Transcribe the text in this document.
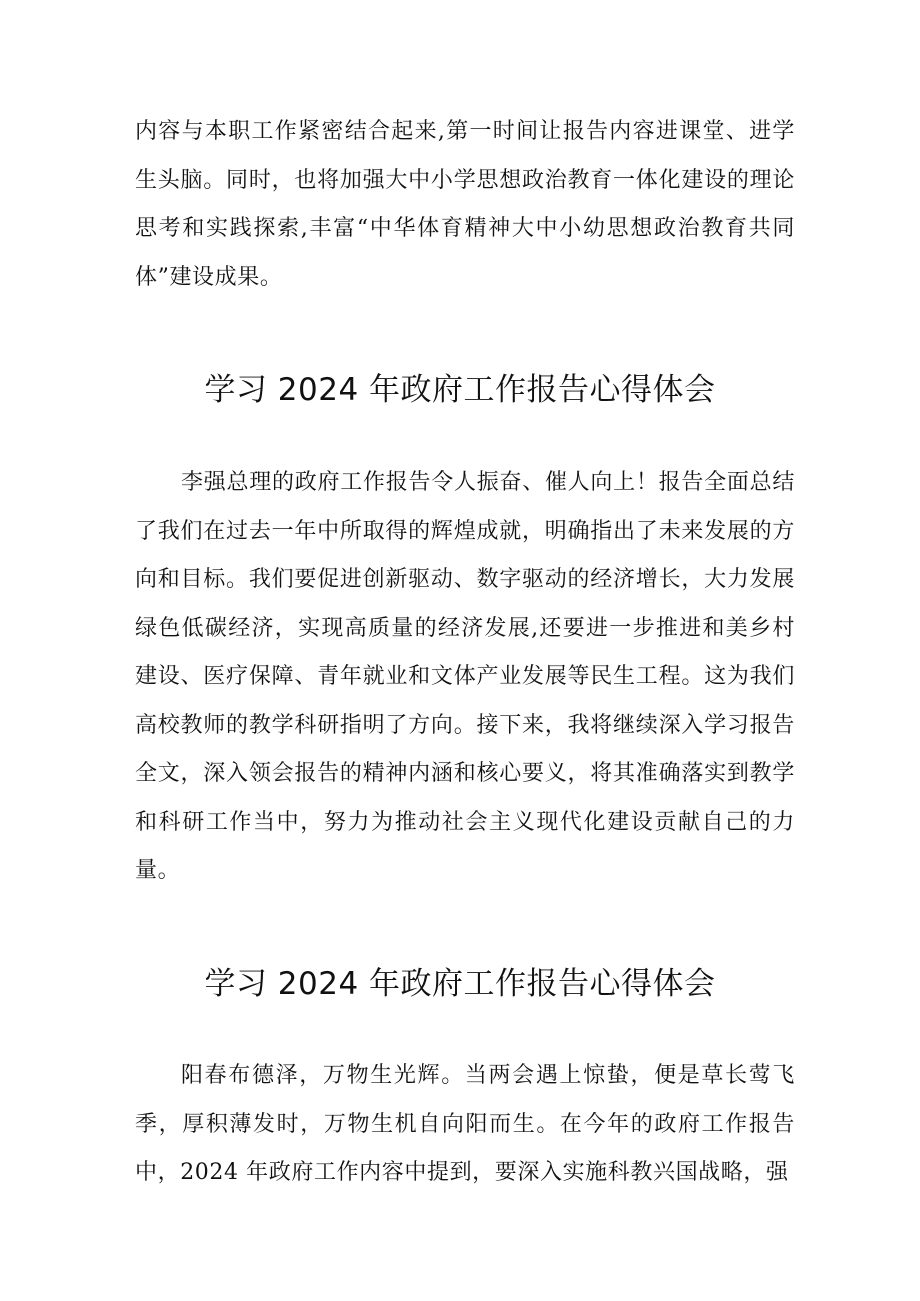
内容与本职工作紧密结合起来,第一时间让报告内容进课堂、进学生头脑。同时，也将加强大中小学思想政治教育一体化建设的理论思考和实践探索,丰富“中华体育精神大中小幼思想政治教育共同体”建设成果。

学习 2024 年政府工作报告心得体会

李强总理的政府工作报告令人振奋、催人向上！报告全面总结了我们在过去一年中所取得的辉煌成就，明确指出了未来发展的方向和目标。我们要促进创新驱动、数字驱动的经济增长，大力发展绿色低碳经济，实现高质量的经济发展,还要进一步推进和美乡村建设、医疗保障、青年就业和文体产业发展等民生工程。这为我们高校教师的教学科研指明了方向。接下来，我将继续深入学习报告全文，深入领会报告的精神内涵和核心要义，将其准确落实到教学和科研工作当中，努力为推动社会主义现代化建设贡献自己的力量。

学习 2024 年政府工作报告心得体会

阳春布德泽，万物生光辉。当两会遇上惊蛰，便是草长莺飞季，厚积薄发时，万物生机自向阳而生。在今年的政府工作报告中，2024 年政府工作内容中提到，要深入实施科教兴国战略，强
